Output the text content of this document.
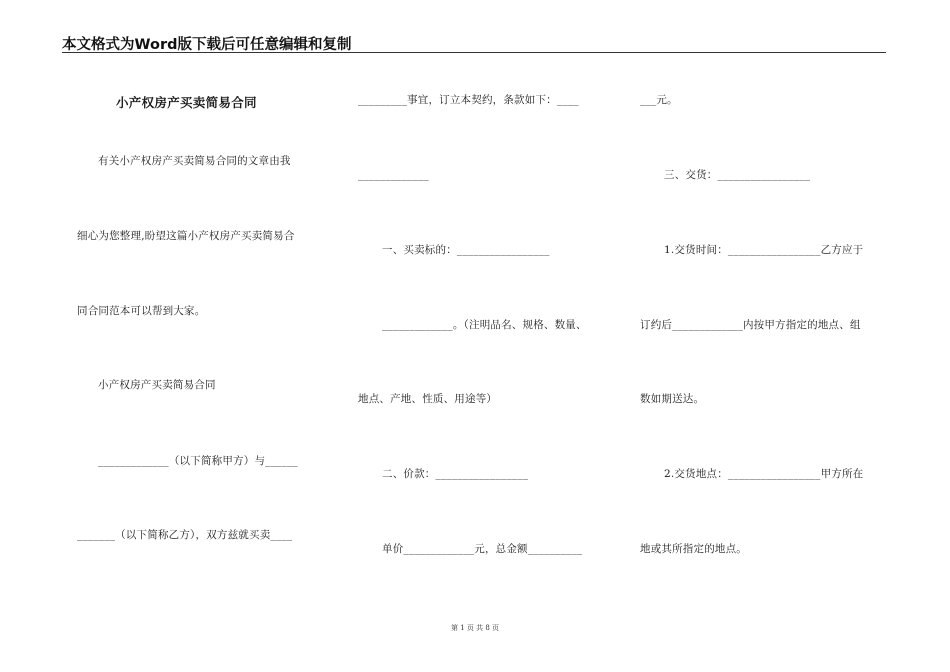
本文格式为Word版下载后可任意编辑和复制
小产权房产买卖简易合同
有关小产权房产买卖简易合同的文章由我
细心为您整理,盼望这篇小产权房产买卖简易合
同合同范本可以帮到大家。
小产权房产买卖简易合同
_____________（以下简称甲方）与______
_______（以下简称乙方），双方兹就买卖____
_________事宜，订立本契约，条款如下：____
_____________
一、买卖标的：_________________
_____________。（注明品名、规格、数量、
地点、产地、性质、用途等）
二、价款：_________________
单价_____________元，总金额__________
___元。
三、交货：_________________
1.交货时间：_________________乙方应于
订约后_____________内按甲方指定的地点、组
数如期送达。
2.交货地点：_________________甲方所在
地或其所指定的地点。
第 1 页 共 8 页
